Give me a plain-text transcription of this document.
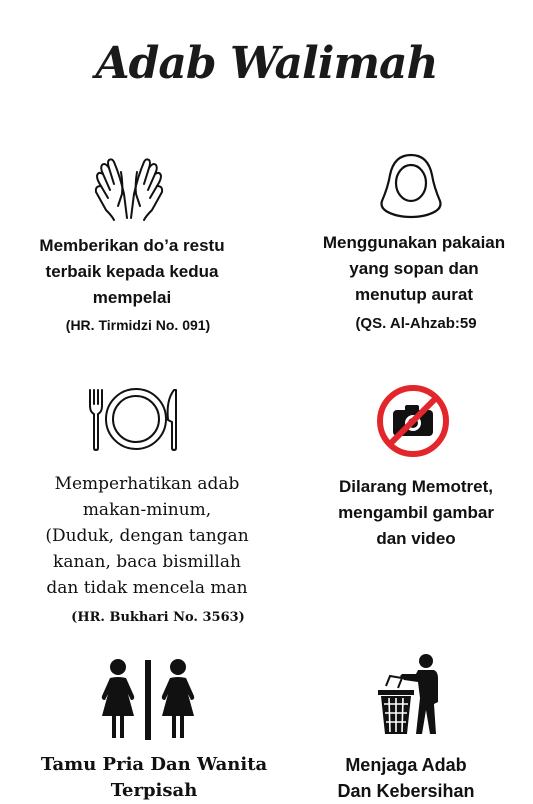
Adab Walimah
Memberikan do’a restu
terbaik kepada kedua
mempelai
(HR. Tirmidzi No. 091)
Menggunakan pakaian
yang sopan dan
menutup aurat
(QS. Al-Ahzab:59
Memperhatikan adab
makan-minum,
(Duduk, dengan tangan
kanan, baca bismillah
dan tidak mencela man
(HR. Bukhari No. 3563)
Dilarang Memotret,
mengambil gambar
dan video
Tamu Pria Dan Wanita
Terpisah
Menjaga Adab
Dan Kebersihan
